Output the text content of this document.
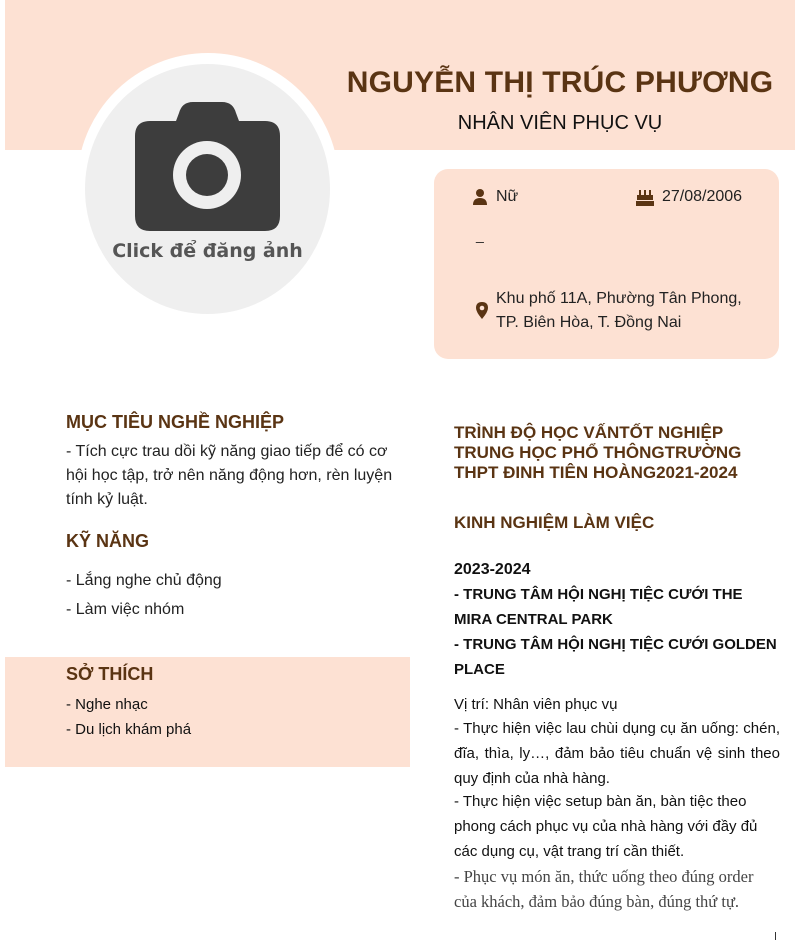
Click để đăng ảnh
NGUYỄN THỊ TRÚC PHƯƠNG
NHÂN VIÊN PHỤC VỤ
Nữ	27/08/2006
_
Khu phố 11A, Phường Tân Phong, TP. Biên Hòa, T. Đồng Nai
MỤC TIÊU NGHỀ NGHIỆP
- Tích cực trau dồi kỹ năng giao tiếp để có cơ hội học tập, trở nên năng động hơn, rèn luyện tính kỷ luật.
KỸ NĂNG
- Lắng nghe chủ động
- Làm việc nhóm
SỞ THÍCH
- Nghe nhạc
- Du lịch khám phá
TRÌNH ĐỘ HỌC VẤNTỐT NGHIỆP TRUNG HỌC PHỔ THÔNGTRƯỜNG THPT ĐINH TIÊN HOÀNG2021-2024
KINH NGHIỆM LÀM VIỆC
2023-2024
- TRUNG TÂM HỘI NGHỊ TIỆC CƯỚI THE MIRA CENTRAL PARK
- TRUNG TÂM HỘI NGHỊ TIỆC CƯỚI GOLDEN PLACE
Vị trí: Nhân viên phục vụ
- Thực hiện việc lau chùi dụng cụ ăn uống: chén, đĩa, thìa, ly…, đảm bảo tiêu chuẩn vệ sinh theo quy định của nhà hàng.
- Thực hiện việc setup bàn ăn, bàn tiệc theo phong cách phục vụ của nhà hàng với đầy đủ các dụng cụ, vật trang trí cần thiết.
- Phục vụ món ăn, thức uống theo đúng order của khách, đảm bảo đúng bàn, đúng thứ tự.
